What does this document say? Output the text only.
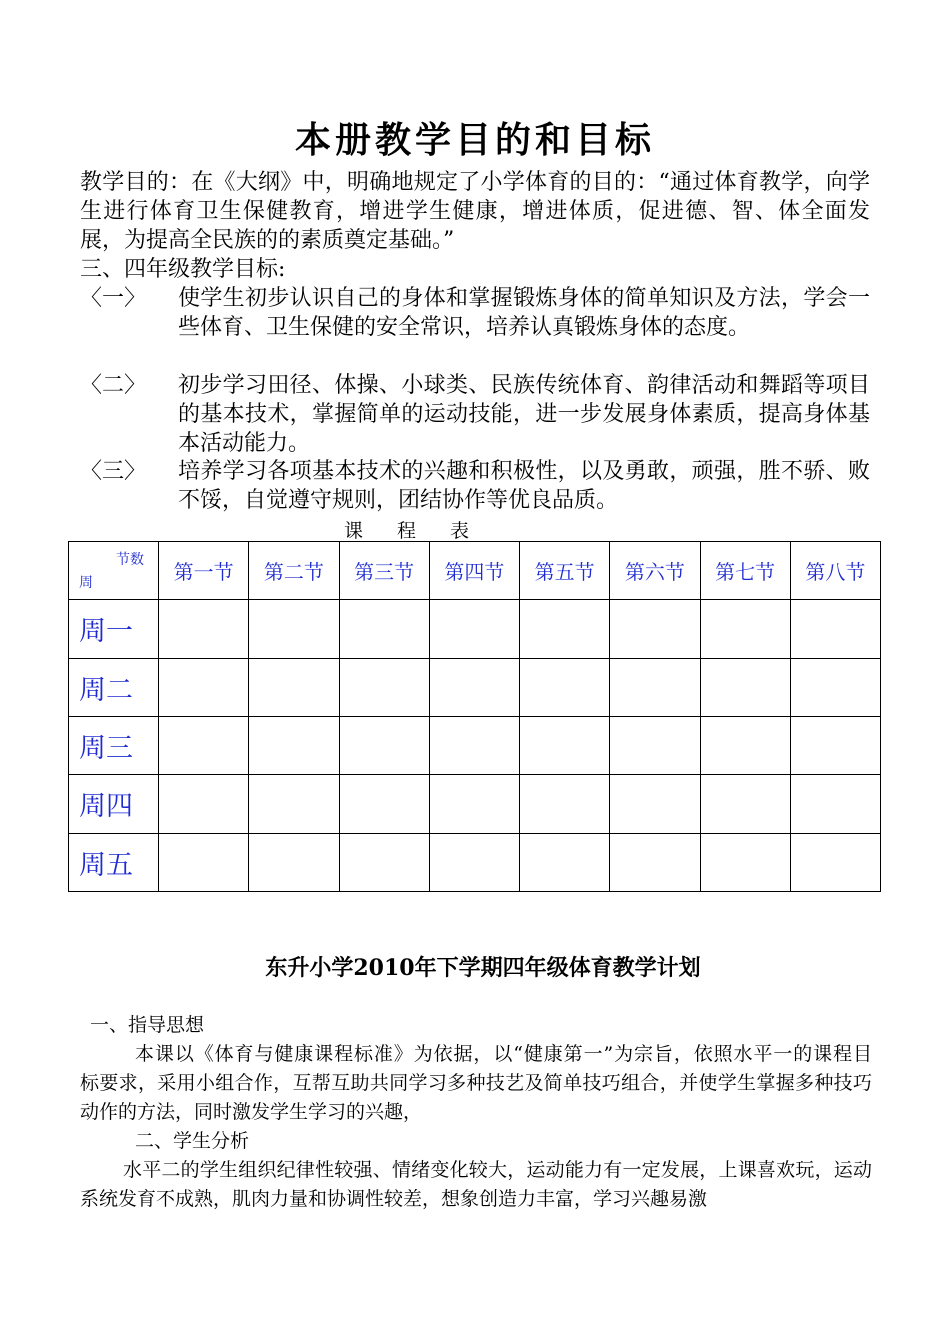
本册教学目的和目标

教学目的：在《大纲》中，明确地规定了小学体育的目的：“通过体育教学，向学生进行体育卫生保健教育，增进学生健康，增进体质，促进德、智、体全面发展，为提高全民族的的素质奠定基础。”

三、四年级教学目标:
〈一〉 使学生初步认识自己的身体和掌握锻炼身体的简单知识及方法，学会一些体育、卫生保健的安全常识，培养认真锻炼身体的态度。
〈二〉 初步学习田径、体操、小球类、民族传统体育、韵律活动和舞蹈等项目的基本技术，掌握简单的运动技能，进一步发展身体素质，提高身体基本活动能力。
〈三〉 培养学习各项基本技术的兴趣和积极性，以及勇敢，顽强，胜不骄、败不馁，自觉遵守规则，团结协作等优良品质。
课 程 表
节数
周	第一节	第二节	第三节	第四节	第五节	第六节	第七节	第八节
周一								
周二								
周三								
周四								
周五								
东升小学2010年下学期四年级体育教学计划
一、指导思想

本课以《体育与健康课程标准》为依据，以“健康第一”为宗旨，依照水平一的课程目　标要求，采用小组合作，互帮互助共同学习多种技艺及简单技巧组合，并使学生掌握多种技巧动作的方法，同时激发学生学习的兴趣，

二、学生分析

水平二的学生组织纪律性较强、情绪变化较大，运动能力有一定发展，上课喜欢玩，运动系统发育不成熟，肌肉力量和协调性较差，想象创造力丰富，学习兴趣易激
